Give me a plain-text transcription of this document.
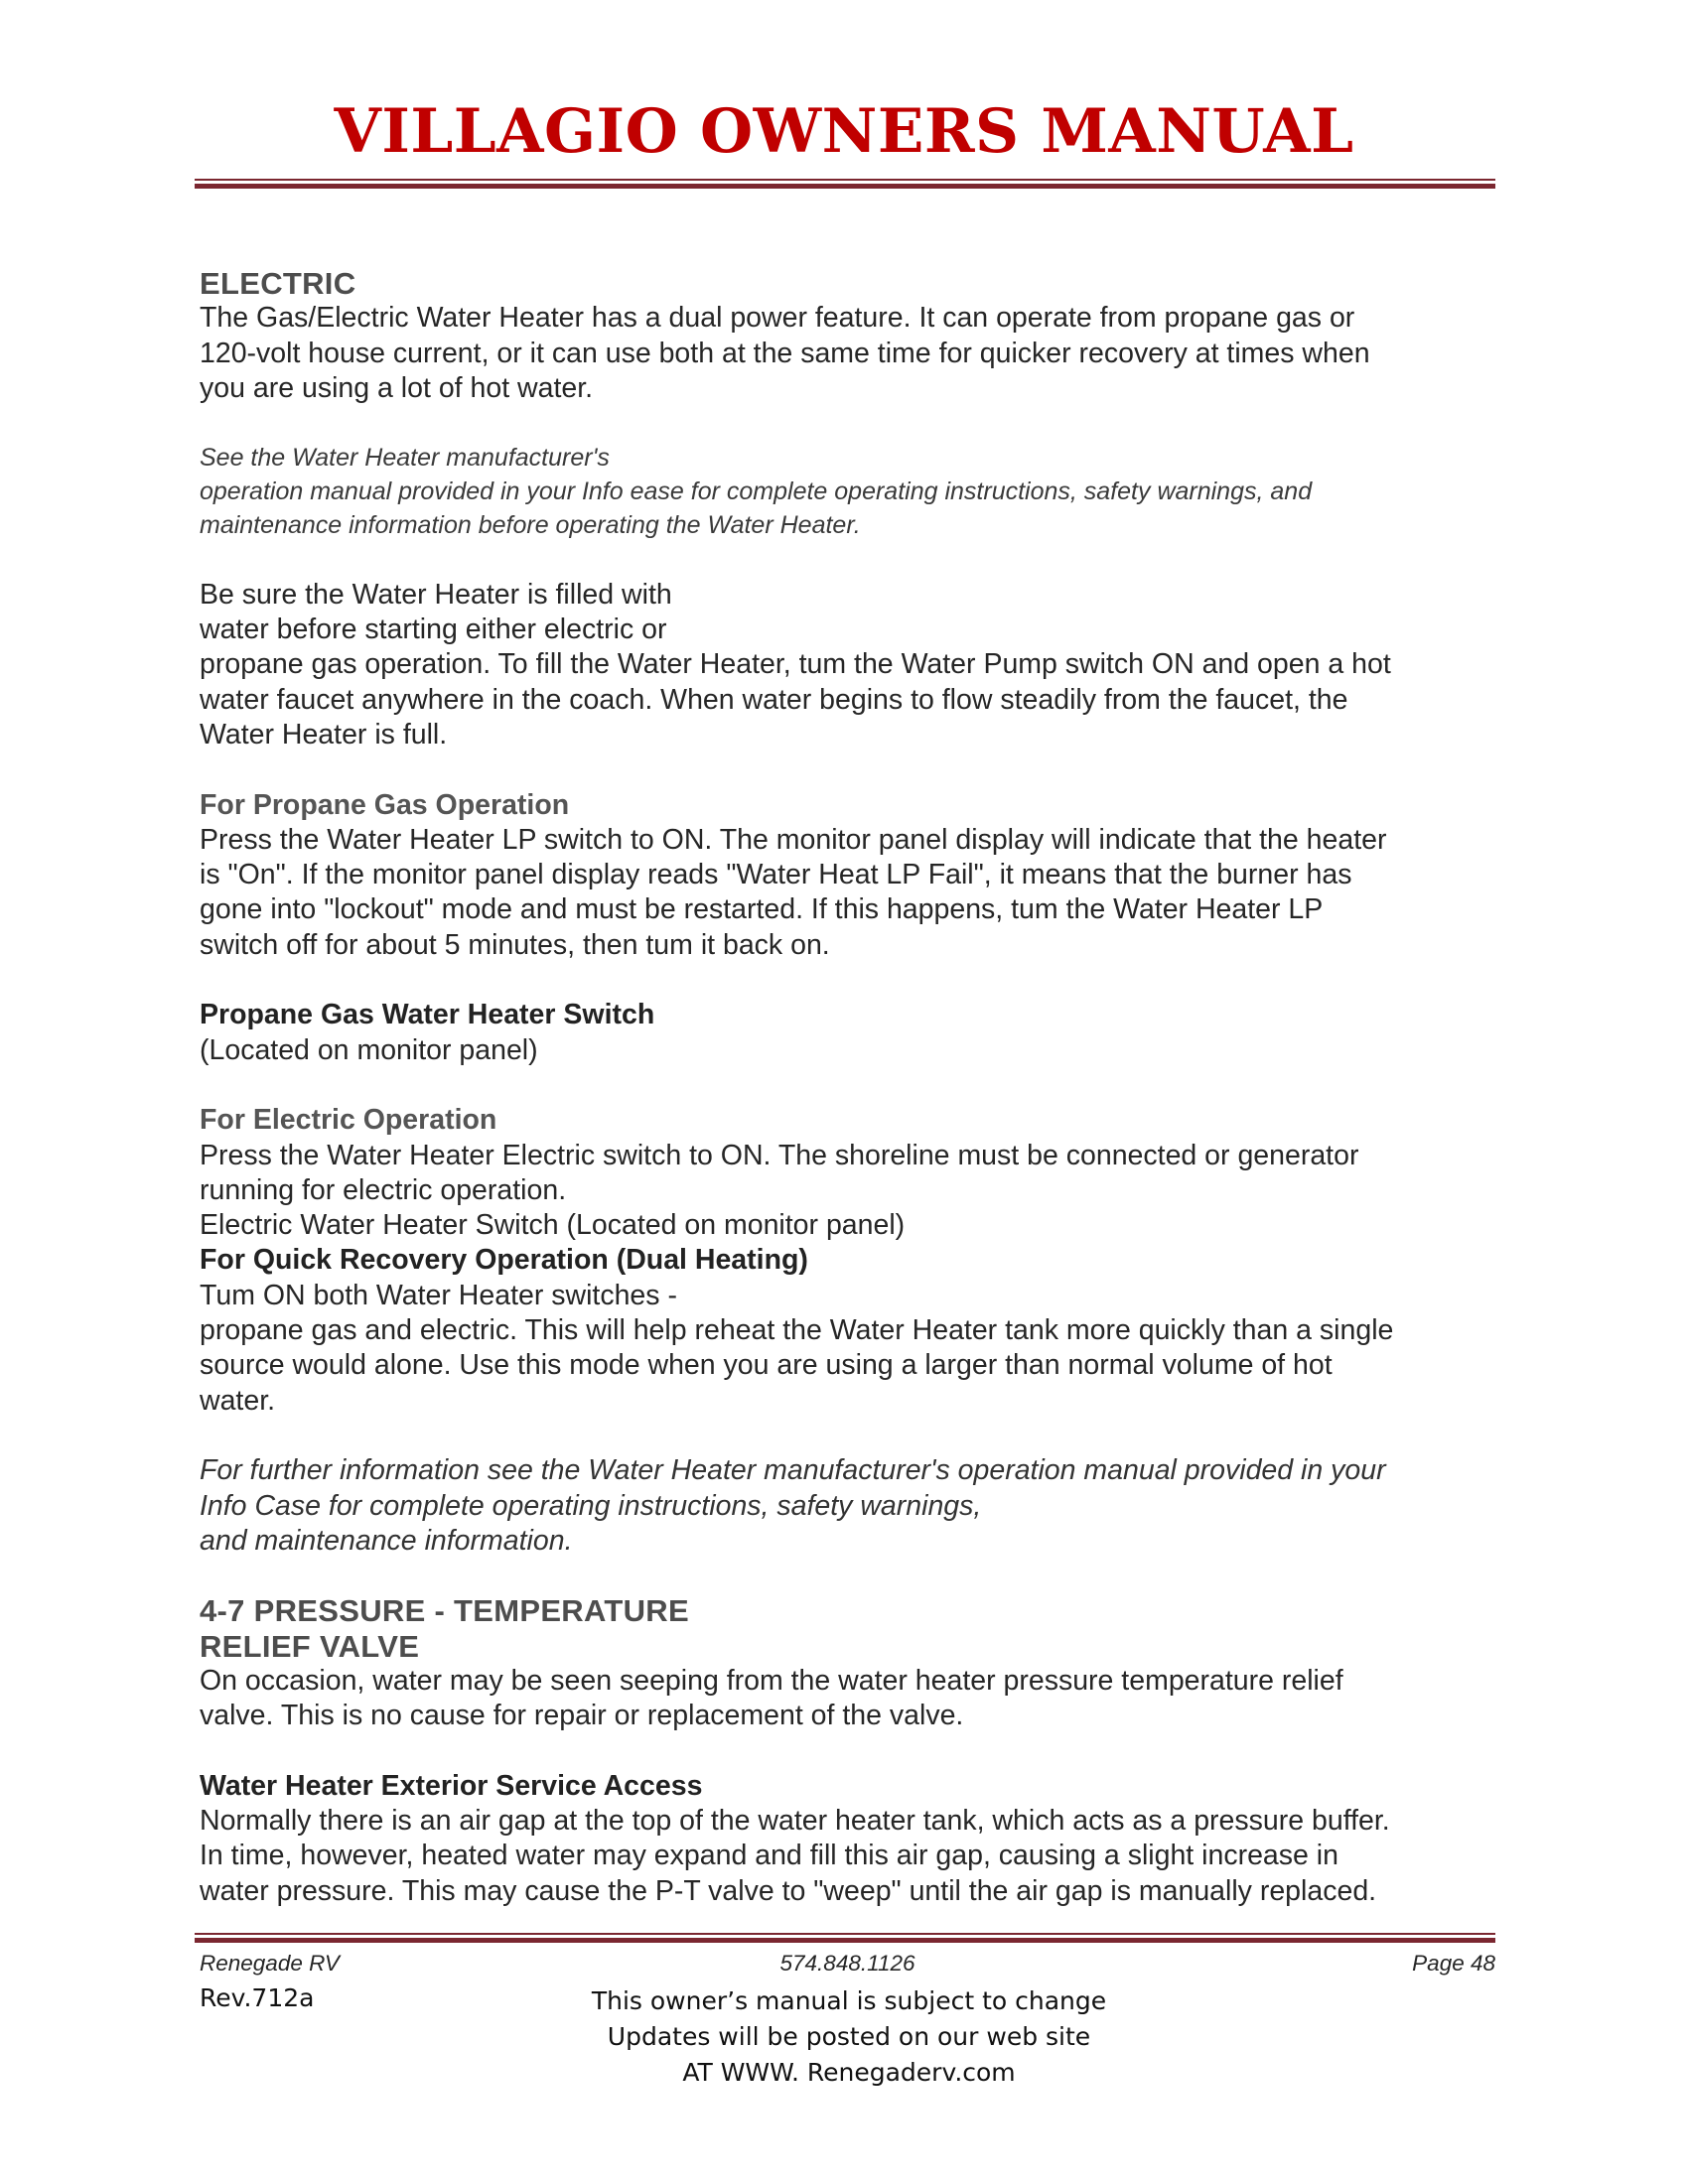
VILLAGIO OWNERS MANUAL

ELECTRIC

The Gas/Electric Water Heater has a dual power feature. It can operate from propane gas or

120-volt house current, or it can use both at the same time for quicker recovery at times when

you are using a lot of hot water.

See the Water Heater manufacturer's

operation manual provided in your Info ease for complete operating instructions, safety warnings, and

maintenance information before operating the Water Heater.

Be sure the Water Heater is filled with

water before starting either electric or

propane gas operation. To fill the Water Heater, tum the Water Pump switch ON and open a hot

water faucet anywhere in the coach. When water begins to flow steadily from the faucet, the

Water Heater is full.

For Propane Gas Operation

Press the Water Heater LP switch to ON. The monitor panel display will indicate that the heater

is "On". If the monitor panel display reads "Water Heat LP Fail", it means that the burner has

gone into "lockout" mode and must be restarted. If this happens, tum the Water Heater LP

switch off for about 5 minutes, then tum it back on.

Propane Gas Water Heater Switch

(Located on monitor panel)

For Electric Operation

Press the Water Heater Electric switch to ON. The shoreline must be connected or generator

running for electric operation.

Electric Water Heater Switch (Located on monitor panel)

For Quick Recovery Operation (Dual Heating)

Tum ON both Water Heater switches -

propane gas and electric. This will help reheat the Water Heater tank more quickly than a single

source would alone. Use this mode when you are using a larger than normal volume of hot

water.

For further information see the Water Heater manufacturer's operation manual provided in your

Info Case for complete operating instructions, safety warnings,

and maintenance information.

4-7 PRESSURE - TEMPERATURE

RELIEF VALVE

On occasion, water may be seen seeping from the water heater pressure temperature relief

valve. This is no cause for repair or replacement of the valve.

Water Heater Exterior Service Access

Normally there is an air gap at the top of the water heater tank, which acts as a pressure buffer.

In time, however, heated water may expand and fill this air gap, causing a slight increase in

water pressure. This may cause the P-T valve to "weep" until the air gap is manually replaced.

Renegade RV	574.848.1126	Page 48
Rev.712a	This owner’s manual is subject to change
Updates will be posted on our web site
AT WWW. Renegaderv.com
